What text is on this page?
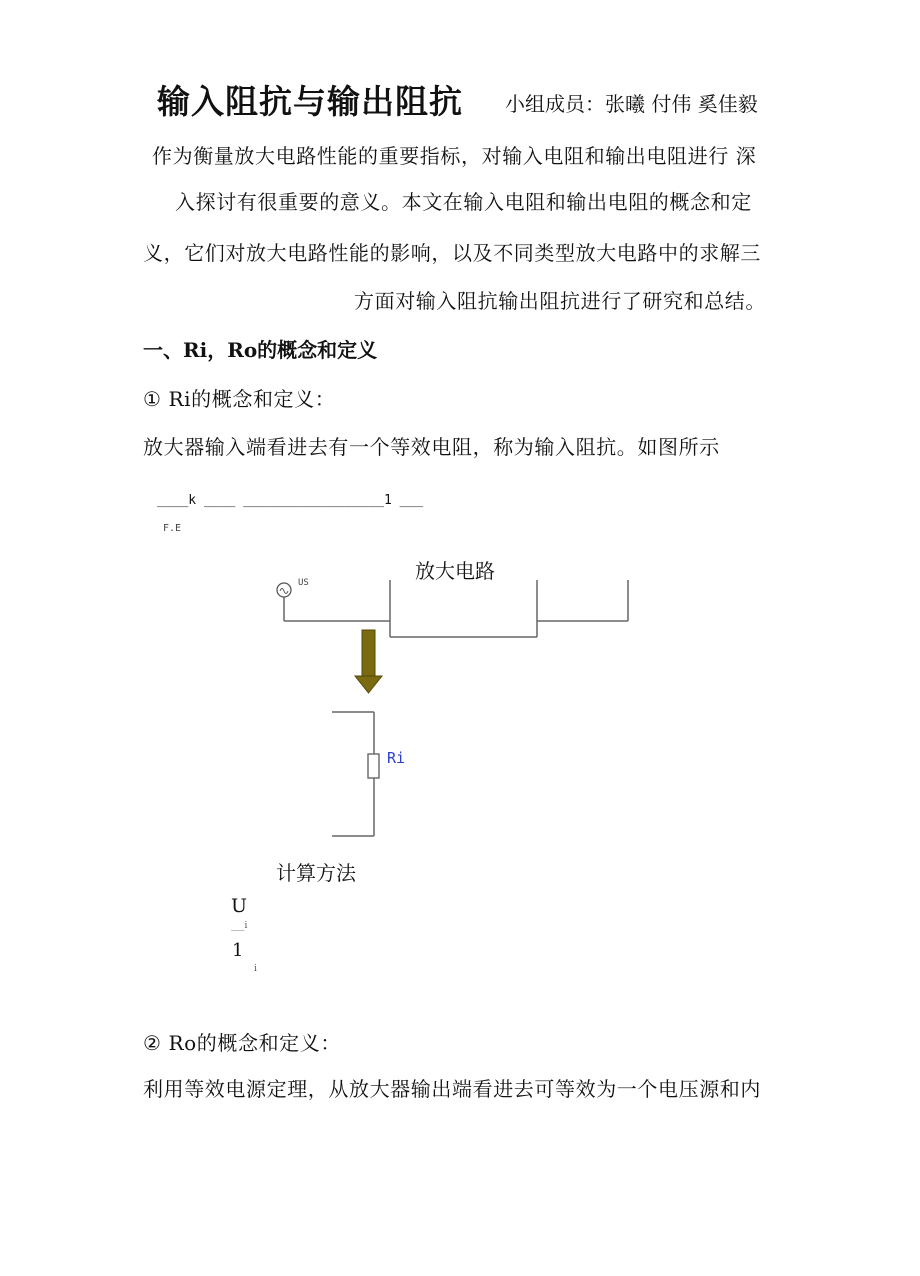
输入阻抗与输出阻抗 小组成员：张曦 付伟 奚佳毅
作为衡量放大电路性能的重要指标，对输入电阻和输出电阻进行 深
入探讨有很重要的意义。本文在输入电阻和输出电阻的概念和定
义，它们对放大电路性能的影响，以及不同类型放大电路中的求解三
方面对输入阻抗输出阻抗进行了研究和总结。
一、Ri，Ro的概念和定义
① Ri的概念和定义：
放大器输入端看进去有一个等效电阻，称为输入阻抗。如图所示
____k ____ __________________1 ___
F.E
放大电路
US
Ri
计算方法
U
___i
1
i
② Ro的概念和定义：
利用等效电源定理，从放大器输出端看进去可等效为一个电压源和内
